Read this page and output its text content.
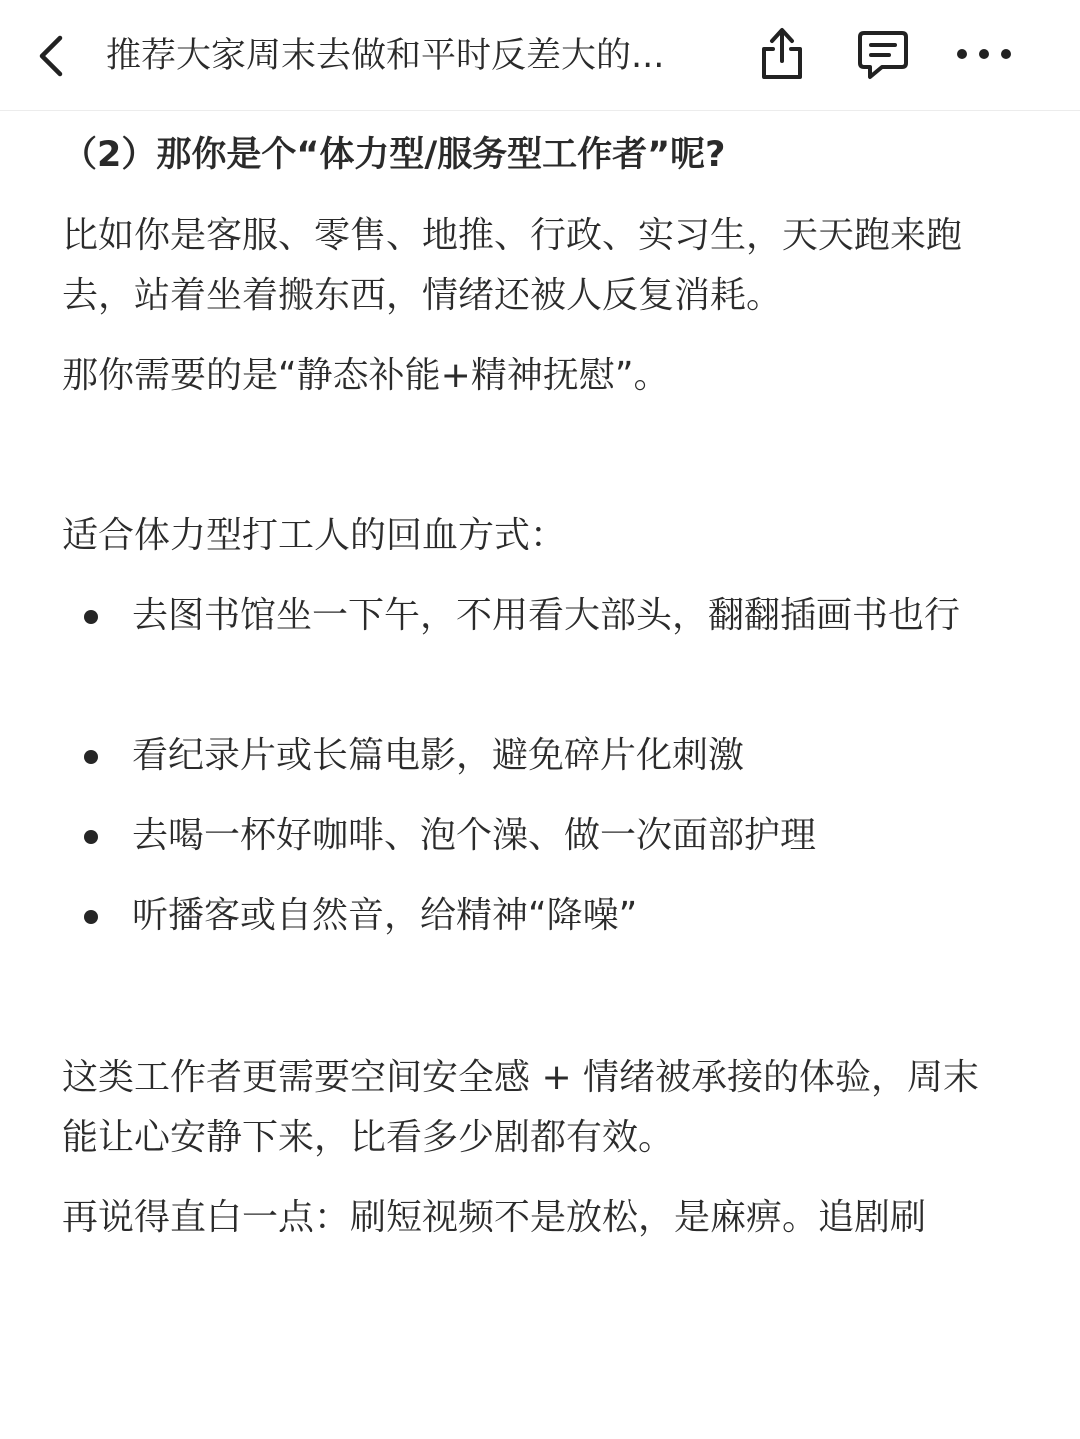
推荐大家周末去做和平时反差大的...
（2）那你是个“体力型/服务型工作者”呢?
比如你是客服、零售、地推、行政、实习生，天天跑来跑去，站着坐着搬东西，情绪还被人反复消耗。
那你需要的是“静态补能+精神抚慰”。
适合体力型打工人的回血方式：
去图书馆坐一下午，不用看大部头，翻翻插画书也行
看纪录片或长篇电影，避免碎片化刺激
去喝一杯好咖啡、泡个澡、做一次面部护理
听播客或自然音，给精神“降噪”
这类工作者更需要空间安全感 + 情绪被承接的体验，周末能让心安静下来，比看多少剧都有效。
再说得直白一点：刷短视频不是放松，是麻痹。追剧刷
